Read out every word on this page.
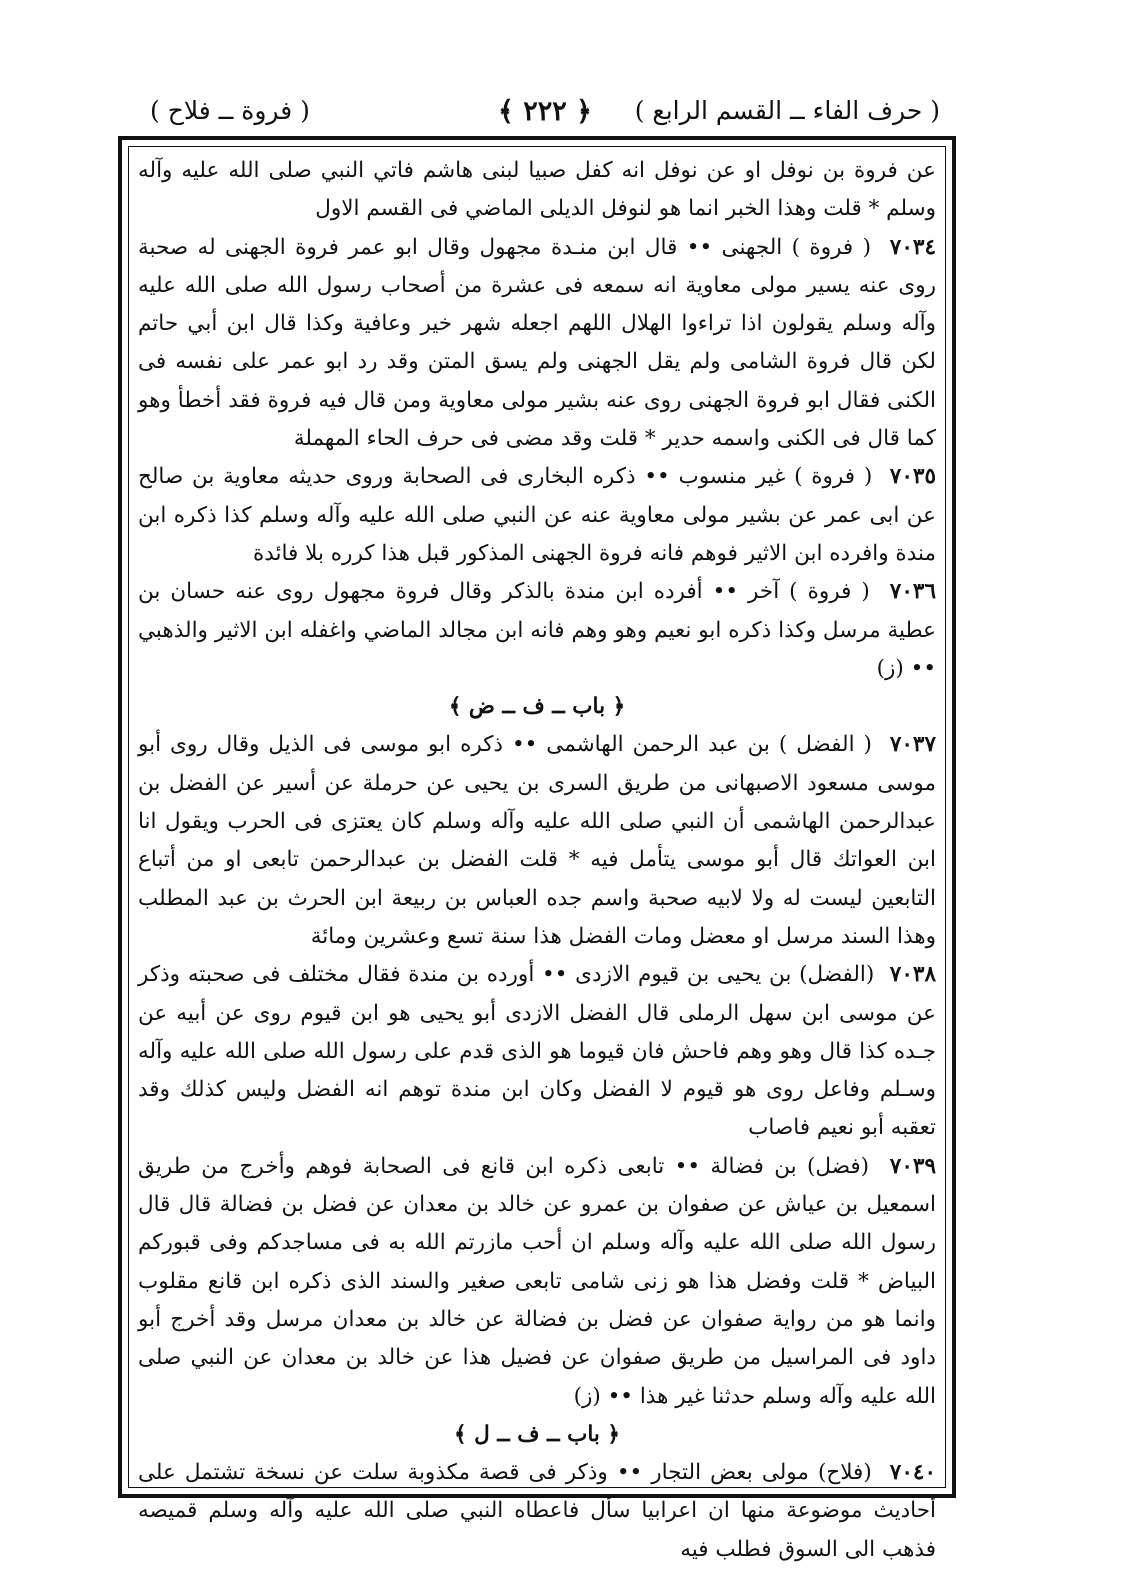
( حرف الفاء ــ القسم الرابع )
﴿ ٢٢٢ ﴾
( فروة ــ فلاح )

عن فروة بن نوفل او عن نوفل انه كفل صبيا لبنى هاشم فاتي النبي صلى الله عليه وآله وسلم * قلت وهذا الخبر انما هو لنوفل الديلى الماضي فى القسم الاول

٧٠٣٤  ( فروة ) الجهنى •• قال ابن منـدة مجهول وقال ابو عمر فروة الجهنى له صحبة روى عنه يسير مولى معاوية انه سمعه فى عشرة من أصحاب رسول الله صلى الله عليه وآله وسلم يقولون اذا تراءوا الهلال اللهم اجعله شهر خير وعافية وكذا قال ابن أبي حاتم لكن قال فروة الشامى ولم يقل الجهنى ولم يسق المتن وقد رد ابو عمر على نفسه فى الكنى فقال ابو فروة الجهنى روى عنه بشير مولى معاوية ومن قال فيه فروة فقد أخطأ وهو كما قال فى الكنى واسمه حدير * قلت وقد مضى فى حرف الحاء المهملة

٧٠٣٥  ( فروة ) غير منسوب •• ذكره البخارى فى الصحابة وروى حديثه معاوية بن صالح عن ابى عمر عن بشير مولى معاوية عنه عن النبي صلى الله عليه وآله وسلم كذا ذكره ابن مندة وافرده ابن الاثير فوهم فانه فروة الجهنى المذكور قبل هذا كرره بلا فائدة

٧٠٣٦  ( فروة ) آخر •• أفرده ابن مندة بالذكر وقال فروة مجهول روى عنه حسان بن عطية مرسل وكذا ذكره ابو نعيم وهو وهم فانه ابن مجالد الماضي واغفله ابن الاثير والذهبي •• (ز)

﴿ باب ــ ف ــ ض ﴾

٧٠٣٧  ( الفضل ) بن عبد الرحمن الهاشمى •• ذكره ابو موسى فى الذيل وقال روى أبو موسى مسعود الاصبهانى من طريق السرى بن يحيى عن حرملة عن أسير عن الفضل بن عبدالرحمن الهاشمى أن النبي صلى الله عليه وآله وسلم كان يعتزى فى الحرب ويقول انا ابن العواتك قال أبو موسى يتأمل فيه * قلت الفضل بن عبدالرحمن تابعى او من أتباع التابعين ليست له ولا لابيه صحبة واسم جده العباس بن ربيعة ابن الحرث بن عبد المطلب وهذا السند مرسل او معضل ومات الفضل هذا سنة تسع وعشرين ومائة

٧٠٣٨  (الفضل) بن يحيى بن قيوم الازدى •• أورده بن مندة فقال مختلف فى صحبته وذكر عن موسى ابن سهل الرملى قال الفضل الازدى أبو يحيى هو ابن قيوم روى عن أبيه عن جـده كذا قال وهو وهم فاحش فان قيوما هو الذى قدم على رسول الله صلى الله عليه وآله وسـلم وفاعل روى هو قيوم لا الفضل وكان ابن مندة توهم انه الفضل وليس كذلك وقد تعقبه أبو نعيم فاصاب

٧٠٣٩  (فضل) بن فضالة •• تابعى ذكره ابن قانع فى الصحابة فوهم وأخرج من طريق اسمعيل بن عياش عن صفوان بن عمرو عن خالد بن معدان عن فضل بن فضالة قال قال رسول الله صلى الله عليه وآله وسلم ان أحب مازرتم الله به فى مساجدكم وفى قبوركم البياض * قلت وفضل هذا هو زنى شامى تابعى صغير والسند الذى ذكره ابن قانع مقلوب وانما هو من رواية صفوان عن فضل بن فضالة عن خالد بن معدان مرسل وقد أخرج أبو داود فى المراسيل من طريق صفوان عن فضيل هذا عن خالد بن معدان عن النبي صلى الله عليه وآله وسلم حدثنا غير هذا •• (ز)

﴿ باب ــ ف ــ ل ﴾

٧٠٤٠  (فلاح) مولى بعض التجار •• وذكر فى قصة مكذوبة سلت عن نسخة تشتمل على أحاديث موضوعة منها ان اعرابيا سأل فاعطاه النبي صلى الله عليه وآله وسلم قميصه فذهب الى السوق فطلب فيه
